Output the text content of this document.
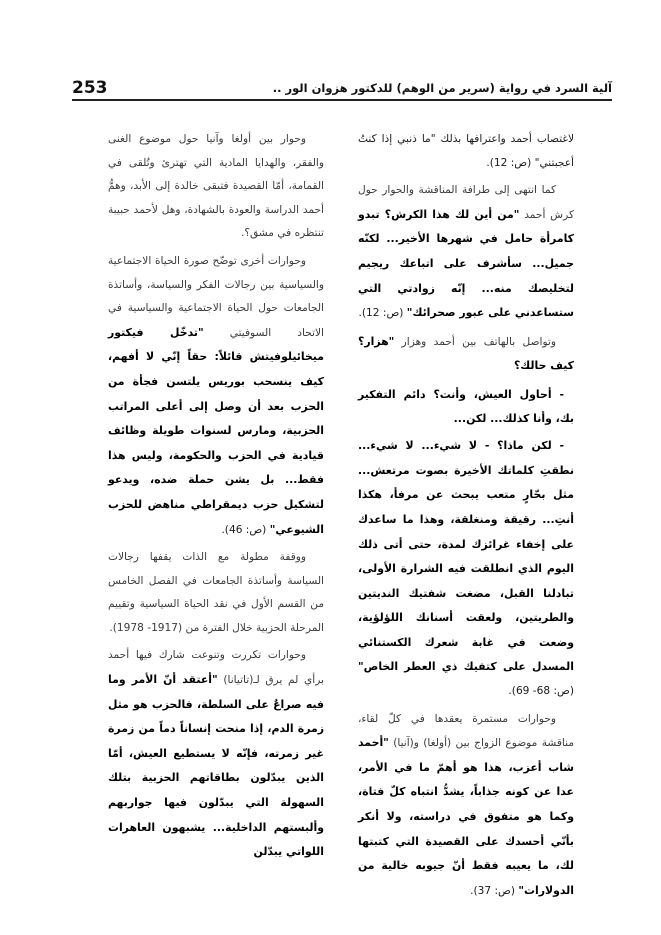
253	آلية السرد في رواية (سرير من الوهم) للدكتور هزوان الور ..

لاغتصاب أحمد واعترافها بذلك "ما ذنبي إذا كنتُ أعجبتني" (ص: 12).

كما انتهى إلى طرافة المناقشة والحوار حول كرش أحمد "من أين لك هذا الكرش؟ تبدو كامرأة حامل في شهرها الأخير... لكنّه جميل... سأشرف على اتباعك ريجيم لتخليصك منه... إنّه زوادتي التي ستساعدني على عبور صحرائك" (ص: 12).

وتواصل بالهاتف بين أحمد وهزار "هزار؟ كيف حالك؟

- أحاول العيش، وأنت؟ دائم التفكير بك، وأنا كذلك... لكن...

- لكن ماذا؟ - لا شيء... لا شيء... نطقتِ كلماتك الأخيرة بصوت مرتعش... مثل بحّارٍ متعب يبحث عن مرفأ، هكذا أنتِ... رقيقة ومنغلقة، وهذا ما ساعدك على إخفاء غرائزك لمدة، حتى أتى ذلك اليوم الذي انطلقت فيه الشرارة الأولى، تبادلنا القبل، مضغت شفتيك النديتين والطريتين، ولعقت أسنانك اللؤلؤية، وضعت في غابة شعرك الكستنائي المسدل على كتفيك ذي العطر الخاص" (ص: 68- 69).

وحوارات مستمرة يعقدها في كلّ لقاء، مناقشة موضوع الزواج بين (أولغا) و(آنيا) "أحمد شاب أعزب، هذا هو أهمّ ما في الأمر، عدا عن كونه جذاباً، يشدُّ انتباه كلّ فتاة، وكما هو متفوق في دراسته، ولا أنكر بأنّي أحسدك على القصيدة التي كتبتها لك، ما يعيبه فقط أنّ جيوبه خالية من الدولارات" (ص: 37).

وحوار بين أولغا وآنيا حول موضوع الغنى والفقر، والهدايا المادية التي تهترئ وتُلقى في القمامة، أمّا القصيدة فتبقى خالدة إلى الأبد، وهمُّ أحمد الدراسة والعودة بالشهادة، وهل لأحمد حبيبة تنتظره في مشق؟.

وحوارات أخرى توضّح صورة الحياة الاجتماعية والسياسية بين رجالات الفكر والسياسة، وأساتذة الجامعات حول الحياة الاجتماعية والسياسية في الاتحاد السوفيتي "تدخّل فيكتور ميخائيلوفيتش قائلاً: حقاً إنّي لا أفهم، كيف ينسحب بوريس يلتسن فجأة من الحزب بعد أن وصل إلى أعلى المراتب الحزبية، ومارس لسنوات طويلة وظائف قيادية في الحزب والحكومة، وليس هذا فقط... بل يشن حملة ضده، ويدعو لتشكيل حزب ديمقراطي مناهض للحزب الشيوعي" (ص: 46).

ووقفة مطولة مع الذات يقفها رجالات السياسة وأساتذة الجامعات في الفصل الخامس من القسم الأول في نقد الحياة السياسية وتقييم المرحلة الحزبية خلال الفترة من (1917- 1978).

وحوارات تكررت وتنوعت شارك فيها أحمد برأي لم يرق لـ(تاتيانا) "أعتقد أنّ الأمر وما فيه صراعٌ على السلطة، فالحزب هو مثل زمرة الدم، إذا منحت إنساناً دماً من زمرة غير زمرته، فإنّه لا يستطيع العيش، أمّا الذين يبدّلون بطاقاتهم الحزبية بتلك السهولة التي يبدّلون فيها جواربهم وألبستهم الداخلية... يشبهون العاهرات اللواتي يبدّلن
